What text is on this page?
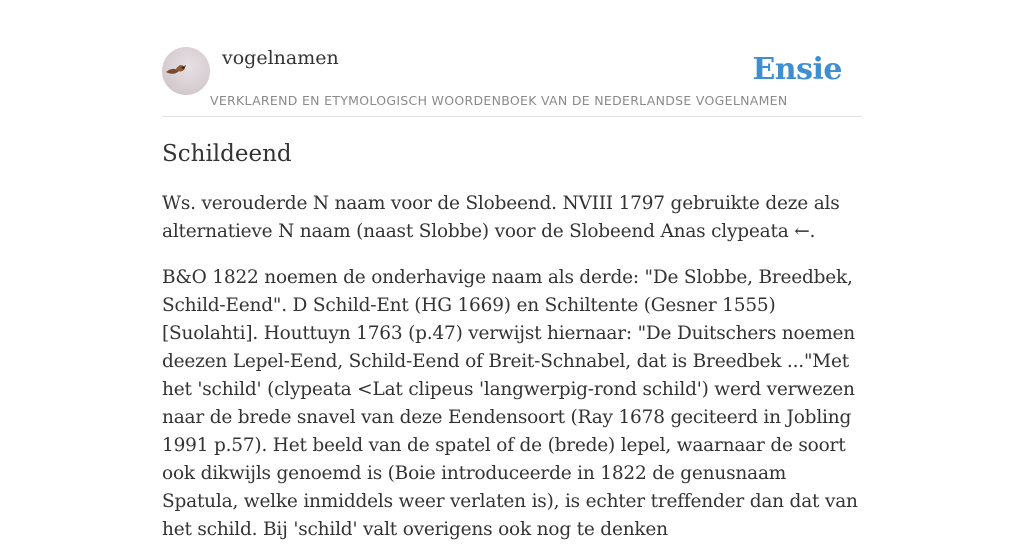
vogelnamen	Ensie
VERKLAREND EN ETYMOLOGISCH WOORDENBOEK VAN DE NEDERLANDSE VOGELNAMEN
Schildeend

Ws. verouderde N naam voor de Slobeend. NVIII 1797 gebruikte deze als alternatieve N naam (naast Slobbe) voor de Slobeend Anas clypeata ←.

B&O 1822 noemen de onderhavige naam als derde: "De Slobbe, Breedbek, Schild-Eend". D Schild-Ent (HG 1669) en Schiltente (Gesner 1555) [Suolahti]. Houttuyn 1763 (p.47) verwijst hiernaar: "De Duitschers noemen deezen Lepel-Eend, Schild-Eend of Breit-Schnabel, dat is Breedbek ..."Met het 'schild' (clypeata <Lat clipeus 'langwerpig-rond schild') werd verwezen naar de brede snavel van deze Eendensoort (Ray 1678 geciteerd in Jobling 1991 p.57). Het beeld van de spatel of de (brede) lepel, waarnaar de soort ook dikwijls genoemd is (Boie introduceerde in 1822 de genusnaam Spatula, welke inmiddels weer verlaten is), is echter treffender dan dat van het schild. Bij 'schild' valt overigens ook nog te denken
